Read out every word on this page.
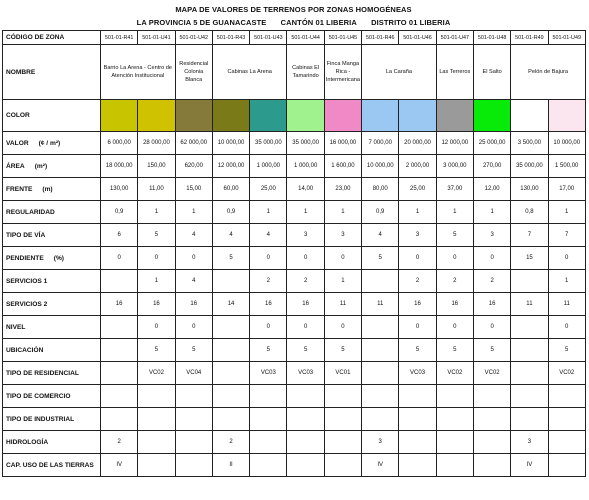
MAPA DE VALORES DE TERRENOS POR ZONAS HOMOGÉNEAS
LA PROVINCIA 5 DE GUANACASTE CANTÓN 01 LIBERIA DISTRITO 01 LIBERIA
CÓDIGO DE ZONA	501-01-R41	501-01-U41	501-01-U42	501-01-R43	501-01-U43	501-01-U44	501-01-U45	501-01-R46	501-01-U46	501-01-U47	501-01-U48	501-01-R49	501-01-U49
NOMBRE	Barrio La Arena - Centro de Atención Institucional		Residencial Colonia Blanca	Cabinas La Arena		Cabinas El Tamarindo	Finca Manga Rica - Intermericana	La Caraña		Las Terreros	El Salto	Pelón de Bajura	
COLOR	

VALOR (¢ / m²)	6 000,00	28 000,00	62 000,00	10 000,00	35 000,00	35 000,00	16 000,00	7 000,00	20 000,00	12 000,00	25 000,00	3 500,00	10 000,00
ÁREA (m²)	18 000,00	150,00	620,00	12 000,00	1 000,00	1 000,00	1 600,00	10 000,00	2 000,00	3 000,00	270,00	35 000,00	1 500,00
FRENTE (m)	130,00	11,00	15,00	60,00	25,00	14,00	23,00	80,00	25,00	37,00	12,00	130,00	17,00
REGULARIDAD	0,9	1	1	0,9	1	1	1	0,9	1	1	1	0,8	1
TIPO DE VÍA	6	5	4	4	4	3	3	4	3	5	3	7	7
PENDIENTE (%)	0	0	0	5	0	0	0	5	0	0	0	15	0
SERVICIOS 1		1	4		2	2	1		2	2	2		1
SERVICIOS 2	16	16	16	14	16	16	11	11	16	16	16	11	11
NIVEL		0	0		0	0	0		0	0	0		0
UBICACIÓN		5	5		5	5	5		5	5	5		5
TIPO DE RESIDENCIAL		VC02	VC04		VC03	VC03	VC01		VC03	VC02	VC02		VC02
TIPO DE COMERCIO													
TIPO DE INDUSTRIAL													
HIDROLOGÍA	2			2				3				3	
CAP. USO DE LAS TIERRAS	IV			II				IV				IV	
